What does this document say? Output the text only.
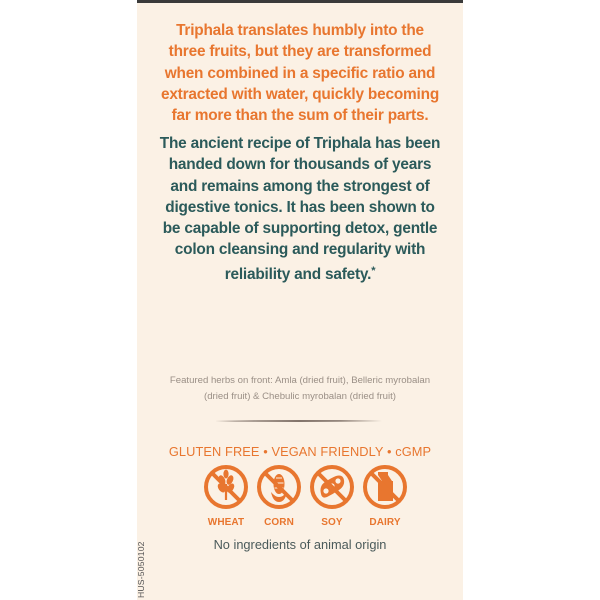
Triphala translates humbly into the
three fruits, but they are transformed
when combined in a specific ratio and
extracted with water, quickly becoming
far more than the sum of their parts.
The ancient recipe of Triphala has been
handed down for thousands of years
and remains among the strongest of
digestive tonics. It has been shown to
be capable of supporting detox, gentle
colon cleansing and regularity with
reliability and safety.*
Featured herbs on front: Amla (dried fruit), Belleric myrobalan
(dried fruit) & Chebulic myrobalan (dried fruit)
GLUTEN FREE • VEGAN FRIENDLY • cGMP
WHEAT	CORN	SOY	DAIRY
No ingredients of animal origin
HUS-5050102
